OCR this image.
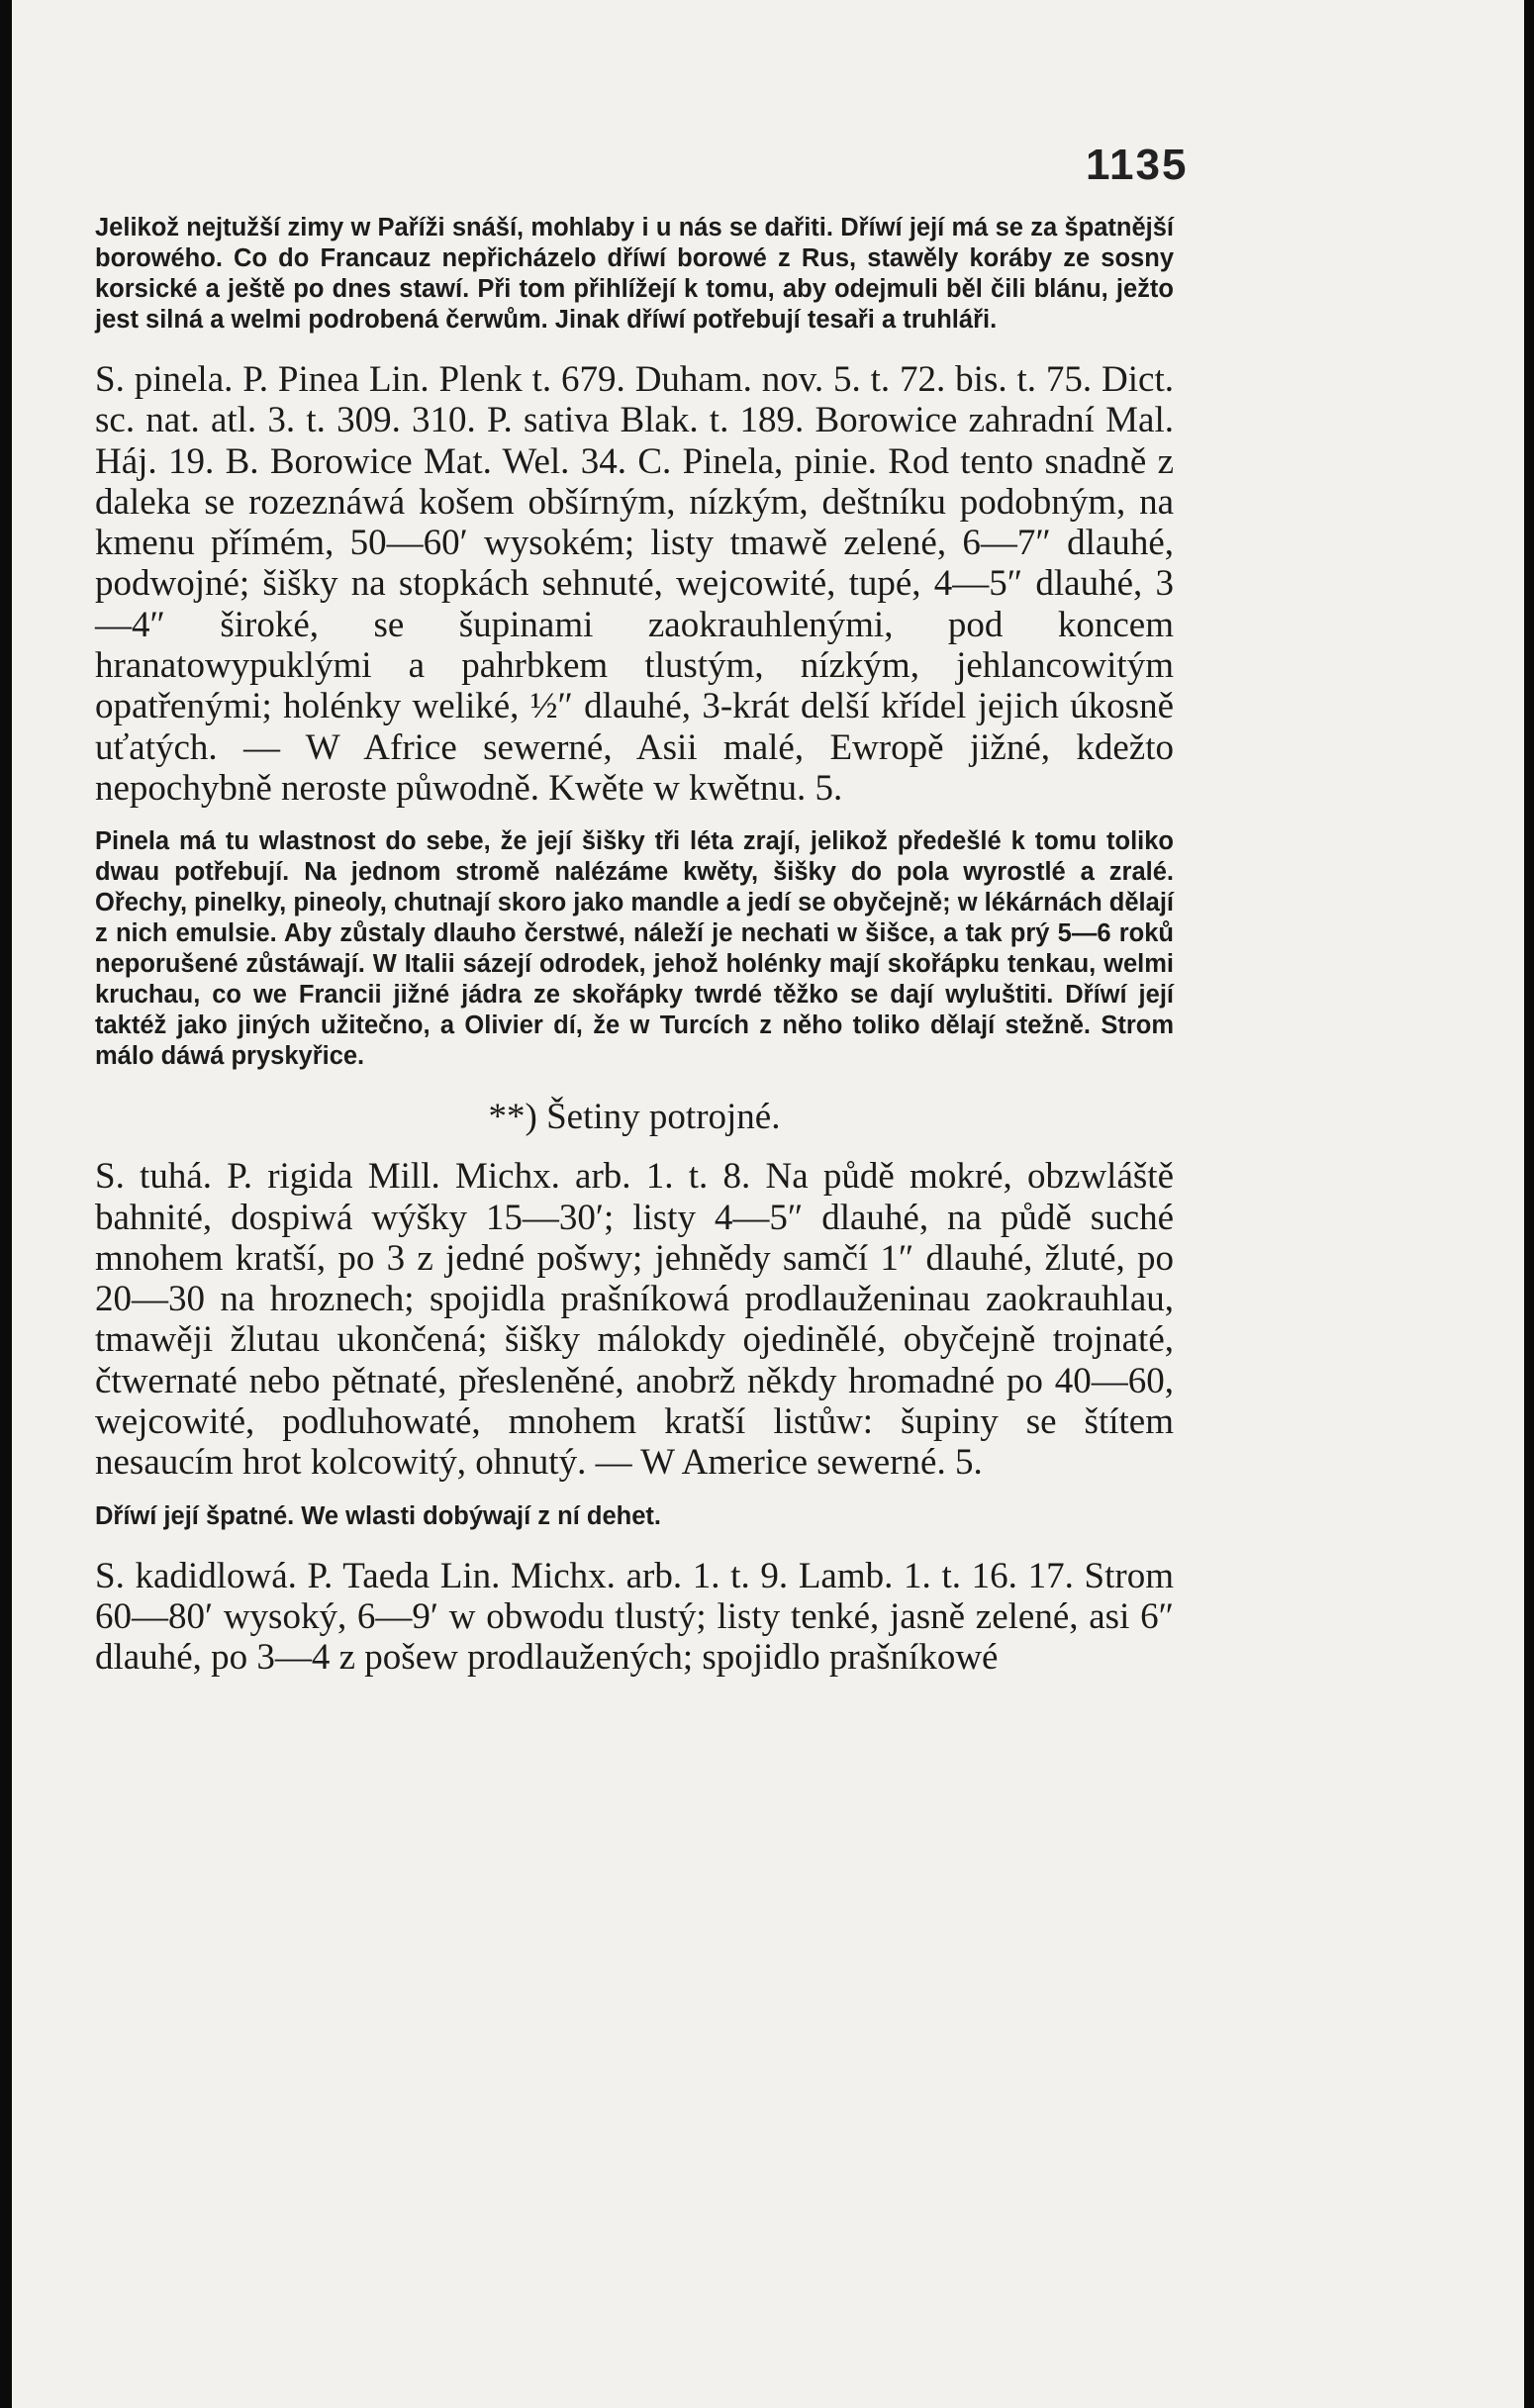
1135

Jelikož nejtužší zimy w Paříži snáší, mohlaby i u nás se dařiti. Dříwí její má se za špatnější borowého. Co do Francauz nepřicházelo dříwí borowé z Rus, stawěly koráby ze sosny korsické a ještě po dnes stawí. Při tom přihlížejí k tomu, aby odejmuli běl čili blánu, ježto jest silná a welmi podrobená čerwům. Jinak dříwí potřebují tesaři a truhláři.

S. pinela. P. Pinea Lin. Plenk t. 679. Duham. nov. 5. t. 72. bis. t. 75. Dict. sc. nat. atl. 3. t. 309. 310. P. sativa Blak. t. 189. Borowice zahradní Mal. Háj. 19. B. Borowice Mat. Wel. 34. C. Pinela, pinie. Rod tento snadně z daleka se rozeznáwá košem obšírným, nízkým, deštníku podobným, na kmenu přímém, 50—60′ wysokém; listy tmawě zelené, 6—7″ dlauhé, podwojné; šišky na stopkách sehnuté, wejcowité, tupé, 4—5″ dlauhé, 3—4″ široké, se šupinami zaokrauhlenými, pod koncem hranatowypuklými a pahrbkem tlustým, nízkým, jehlancowitým opatřenými; holénky weliké, ½″ dlauhé, 3-krát delší křídel jejich úkosně uťatých. — W Africe sewerné, Asii malé, Ewropě jižné, kdežto nepochybně neroste půwodně. Kwěte w kwětnu. 5.

Pinela má tu wlastnost do sebe, že její šišky tři léta zrají, jelikož předešlé k tomu toliko dwau potřebují. Na jednom stromě nalézáme kwěty, šišky do pola wyrostlé a zralé. Ořechy, pinelky, pineoly, chutnají skoro jako mandle a jedí se obyčejně; w lékárnách dělají z nich emulsie. Aby zůstaly dlauho čerstwé, náleží je nechati w šišce, a tak prý 5—6 roků neporušené zůstáwají. W Italii sázejí odrodek, jehož holénky mají skořápku tenkau, welmi kruchau, co we Francii jižné jádra ze skořápky twrdé těžko se dají wyluštiti. Dříwí její taktéž jako jiných užitečno, a Olivier dí, že w Turcích z něho toliko dělají stežně. Strom málo dáwá pryskyřice.

**) Šetiny potrojné.

S. tuhá. P. rigida Mill. Michx. arb. 1. t. 8. Na půdě mokré, obzwláště bahnité, dospiwá wýšky 15—30′; listy 4—5″ dlauhé, na půdě suché mnohem kratší, po 3 z jedné pošwy; jehnědy samčí 1″ dlauhé, žluté, po 20—30 na hroznech; spojidla prašníkowá prodlauženinau zaokrauhlau, tmawěji žlutau ukončená; šišky málokdy ojedinělé, obyčejně trojnaté, čtwernaté nebo pětnaté, přesleněné, anobrž někdy hromadné po 40—60, wejcowité, podluhowaté, mnohem kratší listůw: šupiny se štítem nesaucím hrot kolcowitý, ohnutý. — W Americe sewerné. 5.

Dříwí její špatné. We wlasti dobýwají z ní dehet.

S. kadidlowá. P. Taeda Lin. Michx. arb. 1. t. 9. Lamb. 1. t. 16. 17. Strom 60—80′ wysoký, 6—9′ w obwodu tlustý; listy tenké, jasně zelené, asi 6″ dlauhé, po 3—4 z pošew prodlaužených; spojidlo prašníkowé
